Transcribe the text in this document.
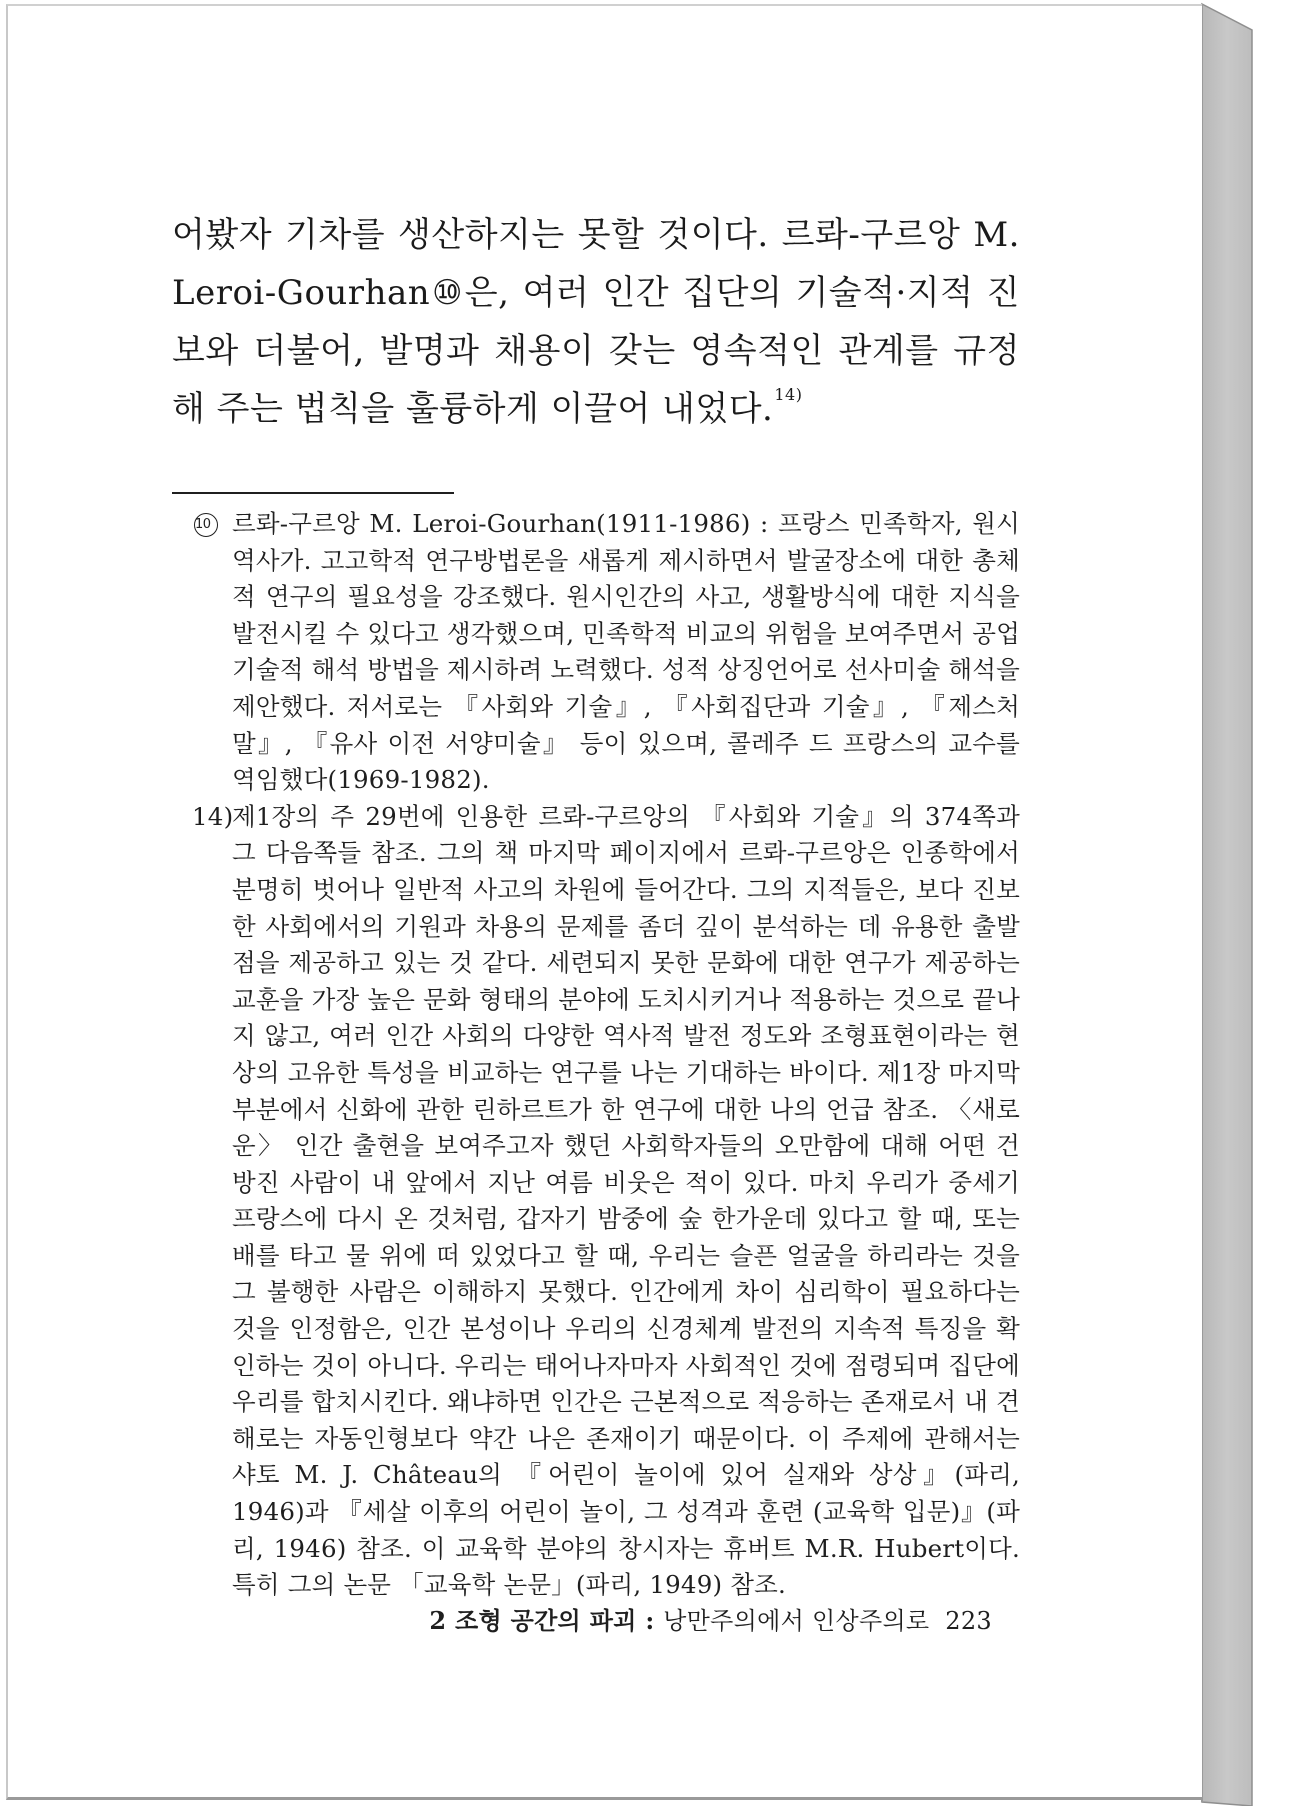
어봤자 기차를 생산하지는 못할 것이다. 르롸-구르앙 M. Leroi-Gourhan⑩은, 여러 인간 집단의 기술적·지적 진보와 더불어, 발명과 채용이 갖는 영속적인 관계를 규정해 주는 법칙을 훌륭하게 이끌어 내었다.$^{14)}$

10 르롸-구르앙 M. Leroi-Gourhan(1911-1986) : 프랑스 민족학자, 원시 역사가. 고고학적 연구방법론을 새롭게 제시하면서 발굴장소에 대한 총체적 연구의 필요성을 강조했다. 원시인간의 사고, 생활방식에 대한 지식을 발전시킬 수 있다고 생각했으며, 민족학적 비교의 위험을 보여주면서 공업 기술적 해석 방법을 제시하려 노력했다. 성적 상징언어로 선사미술 해석을 제안했다. 저서로는 『사회와 기술』, 『사회집단과 기술』, 『제스처 말』, 『유사 이전 서양미술』 등이 있으며, 콜레주 드 프랑스의 교수를 역임했다(1969-1982).
14)
제1장의 주 29번에 인용한 르롸-구르앙의 『사회와 기술』의 374쪽과 그 다음쪽들 참조. 그의 책 마지막 페이지에서 르롸-구르앙은 인종학에서 분명히 벗어나 일반적 사고의 차원에 들어간다. 그의 지적들은, 보다 진보한 사회에서의 기원과 차용의 문제를 좀더 깊이 분석하는 데 유용한 출발점을 제공하고 있는 것 같다. 세련되지 못한 문화에 대한 연구가 제공하는 교훈을 가장 높은 문화 형태의 분야에 도치시키거나 적용하는 것으로 끝나지 않고, 여러 인간 사회의 다양한 역사적 발전 정도와 조형표현이라는 현상의 고유한 특성을 비교하는 연구를 나는 기대하는 바이다. 제1장 마지막 부분에서 신화에 관한 린하르트가 한 연구에 대한 나의 언급 참조. 〈새로운〉 인간 출현을 보여주고자 했던 사회학자들의 오만함에 대해 어떤 건방진 사람이 내 앞에서 지난 여름 비웃은 적이 있다. 마치 우리가 중세기 프랑스에 다시 온 것처럼, 갑자기 밤중에 숲 한가운데 있다고 할 때, 또는 배를 타고 물 위에 떠 있었다고 할 때, 우리는 슬픈 얼굴을 하리라는 것을 그 불행한 사람은 이해하지 못했다. 인간에게 차이 심리학이 필요하다는 것을 인정함은, 인간 본성이나 우리의 신경체계 발전의 지속적 특징을 확인하는 것이 아니다. 우리는 태어나자마자 사회적인 것에 점령되며 집단에 우리를 합치시킨다. 왜냐하면 인간은 근본적으로 적응하는 존재로서 내 견해로는 자동인형보다 약간 나은 존재이기 때문이다. 이 주제에 관해서는 샤토 M. J. Château의 『어린이 놀이에 있어 실재와 상상』(파리, 1946)과 『세살 이후의 어린이 놀이, 그 성격과 훈련 (교육학 입문)』(파리, 1946) 참조. 이 교육학 분야의 창시자는 휴버트 M.R. Hubert이다. 특히 그의 논문 「교육학 논문」(파리, 1949) 참조.
2 조형 공간의 파괴 : 낭만주의에서 인상주의로 223
